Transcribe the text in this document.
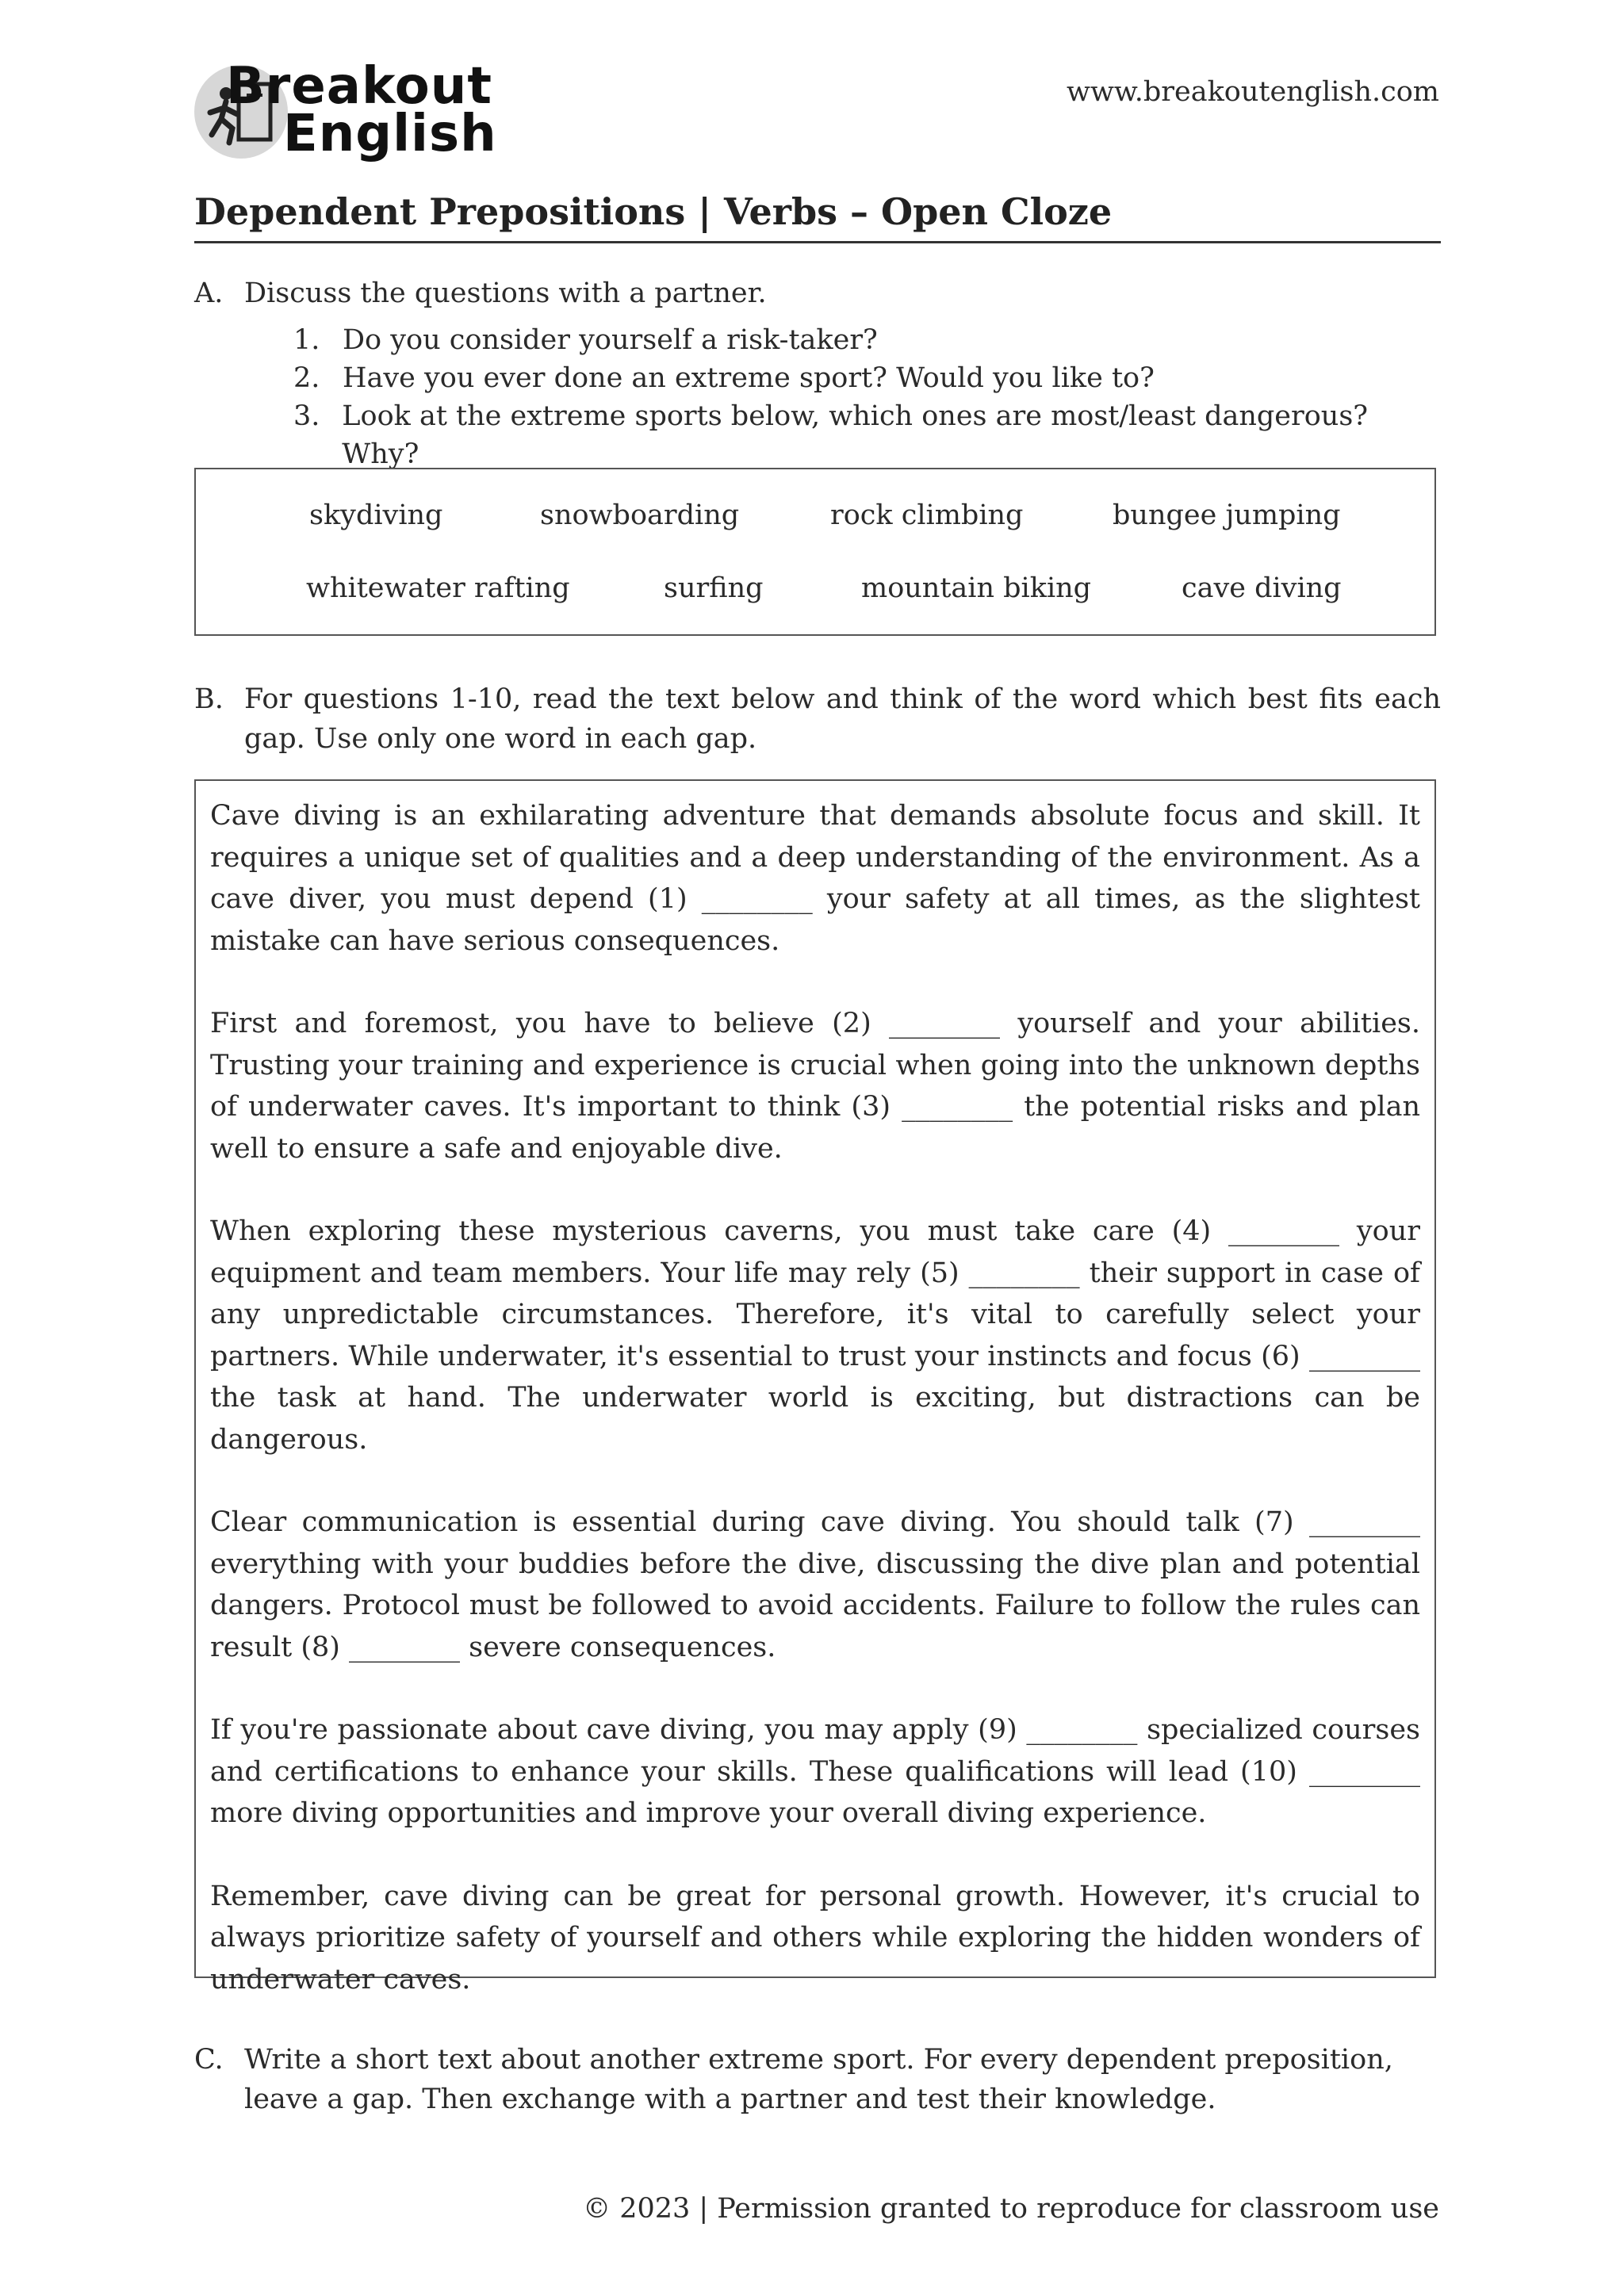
Breakout
English
www.breakoutenglish.com
Dependent Prepositions | Verbs – Open Cloze
A. Discuss the questions with a partner.
1. Do you consider yourself a risk-taker?
2. Have you ever done an extreme sport? Would you like to?
3. Look at the extreme sports below, which ones are most/least dangerous? Why?
skydiving	snowboarding	rock climbing	bungee jumping
whitewater rafting	surfing	mountain biking	cave diving
B. For questions 1-10, read the text below and think of the word which best fits each gap. Use only one word in each gap.

Cave diving is an exhilarating adventure that demands absolute focus and skill. It requires a unique set of qualities and a deep understanding of the environment. As a cave diver, you must depend (1) ________ your safety at all times, as the slightest mistake can have serious consequences.

First and foremost, you have to believe (2) ________ yourself and your abilities. Trusting your training and experience is crucial when going into the unknown depths of underwater caves. It's important to think (3) ________ the potential risks and plan well to ensure a safe and enjoyable dive.

When exploring these mysterious caverns, you must take care (4) ________ your equipment and team members. Your life may rely (5) ________ their support in case of any unpredictable circumstances. Therefore, it's vital to carefully select your partners. While underwater, it's essential to trust your instincts and focus (6) ________ the task at hand. The underwater world is exciting, but distractions can be dangerous.

Clear communication is essential during cave diving. You should talk (7) ________ everything with your buddies before the dive, discussing the dive plan and potential dangers. Protocol must be followed to avoid accidents. Failure to follow the rules can result (8) ________ severe consequences.

If you're passionate about cave diving, you may apply (9) ________ specialized courses and certifications to enhance your skills. These qualifications will lead (10) ________ more diving opportunities and improve your overall diving experience.

Remember, cave diving can be great for personal growth. However, it's crucial to always prioritize safety of yourself and others while exploring the hidden wonders of underwater caves.

C. Write a short text about another extreme sport. For every dependent preposition, leave a gap. Then exchange with a partner and test their knowledge.
© 2023 | Permission granted to reproduce for classroom use
